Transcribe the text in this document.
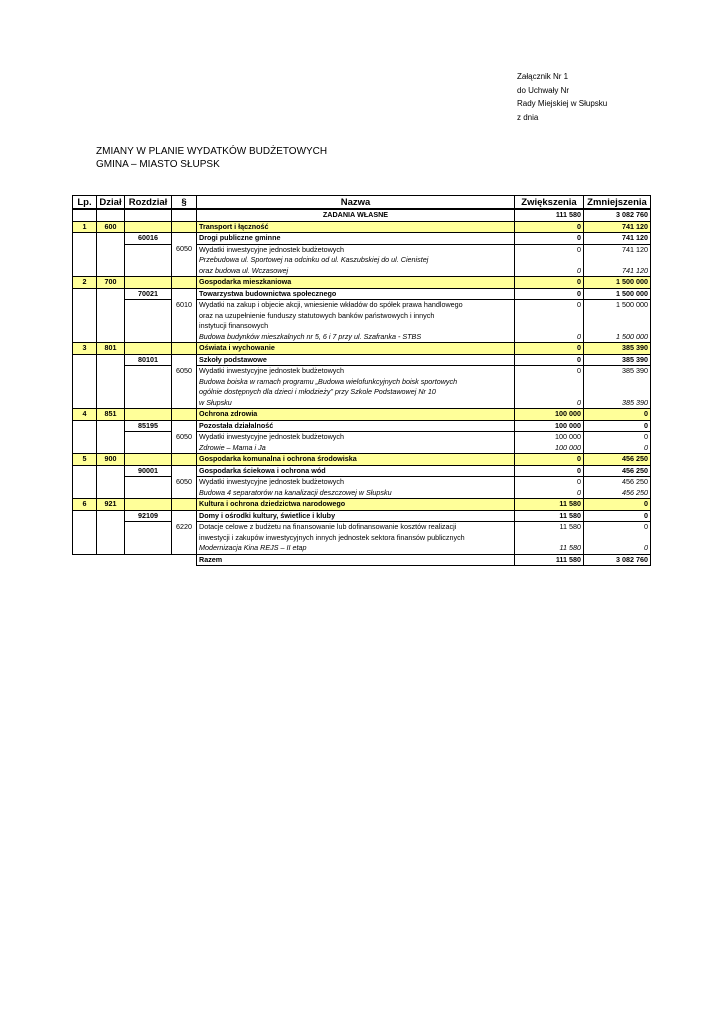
Załącznik Nr 1
do Uchwały Nr
Rady Miejskiej w Słupsku
z dnia
ZMIANY W PLANIE WYDATKÓW BUDŻETOWYCH
GMINA – MIASTO SŁUPSK
Lp.	Dział	Rozdział	§	Nazwa	Zwiększenia	Zmniejszenia
				ZADANIA WŁASNE	111 580	3 082 760
1	600			Transport i łączność	0	741 120
		60016		Drogi publiczne gminne	0	741 120
			6050	Wydatki inwestycyjne jednostek budżetowych	0	741 120
				Przebudowa ul. Sportowej na odcinku od ul. Kaszubskiej do ul. Cienistej		
				oraz budowa ul. Wczasowej	0	741 120
2	700			Gospodarka mieszkaniowa	0	1 500 000
		70021		Towarzystwa budownictwa społecznego	0	1 500 000
			6010	Wydatki na zakup i objecie akcji, wniesienie wkładów do spółek prawa handlowego	0	1 500 000
				oraz na uzupełnienie funduszy statutowych banków państwowych i innych		
				instytucji finansowych		
				Budowa budynków mieszkalnych nr 5, 6 i 7 przy ul. Szafranka - STBS	0	1 500 000
3	801			Oświata i wychowanie	0	385 390
		80101		Szkoły podstawowe	0	385 390
			6050	Wydatki inwestycyjne jednostek budżetowych	0	385 390
				Budowa boiska w ramach programu „Budowa wielofunkcyjnych boisk sportowych		
				ogólnie dostępnych dla dzieci i młodzieży” przy Szkole Podstawowej Nr 10		
				w Słupsku	0	385 390
4	851			Ochrona zdrowia	100 000	0
		85195		Pozostała działalność	100 000	0
			6050	Wydatki inwestycyjne jednostek budżetowych	100 000	0
				Zdrowie – Mama i Ja	100 000	0
5	900			Gospodarka komunalna i ochrona środowiska	0	456 250
		90001		Gospodarka ściekowa i ochrona wód	0	456 250
			6050	Wydatki inwestycyjne jednostek budżetowych	0	456 250
				Budowa 4 separatorów na kanalizacji deszczowej w Słupsku	0	456 250
6	921			Kultura i ochrona dziedzictwa narodowego	11 580	0
		92109		Domy i ośrodki kultury, świetlice i kluby	11 580	0
			6220	Dotacje celowe z budżetu na finansowanie lub dofinansowanie kosztów realizacji	11 580	0
				inwestycji i zakupów inwestycyjnych innych jednostek sektora finansów publicznych		
				Modernizacja Kina REJS – II etap	11 580	0
				Razem	111 580	3 082 760
